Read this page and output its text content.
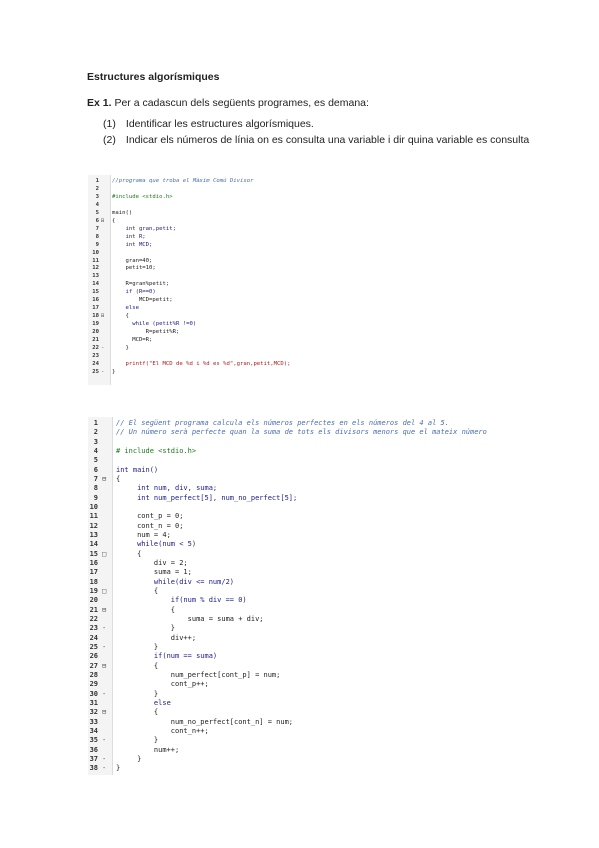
Estructures algorísmiques
Ex 1. Per a cadascun dels següents programes, es demana:
(1) Identificar les estructures algorísmiques.
(2) Indicar els números de línia on es consulta una variable i dir quina variable es consulta
1 //programa que troba el Màxim Comú Divisor
2
3 #include <stdio.h>
4
5 main()
6 ⊟ {
7 int gran,petit;
8 int R;
9 int MCD;
10
11 gran=40;
12 petit=10;
13
14 R=gran%petit;
15 if (R==0)
16 MCD=petit;
17 else
18 ⊟ {
19 while (petit%R !=0)
20 R=petit%R;
21 MCD=R;
22 - }
23
24 printf("El MCD de %d i %d es %d",gran,petit,MCD);
25 - }
1	// El següent programa calcula els números perfectes en els números del 4 al 5.
2	// Un número serà perfecte quan la suma de tots els divisors menors que el mateix número
3
4	# include <stdio.h>
5
6	int main()
7 ⊟ {
8	int num, div, suma;
9	int num_perfect[5], num_no_perfect[5];
10
11	cont_p = 0;
12	cont_n = 0;
13	num = 4;
14	while(num < 5)
15 □ {
16	div = 2;
17	suma = 1;
18	while(div <= num/2)
19 □ {
20	if(num % div == 0)
21 ⊟ {
22	suma = suma + div;
23 - }
24	div++;
25 - }
26	if(num == suma)
27 ⊟ {
28	num_perfect[cont_p] = num;
29	cont_p++;
30 - }
31	else
32 ⊟ {
33	num_no_perfect[cont_n] = num;
34	cont_n++;
35 - }
36	num++;
37 - }
38 - }
